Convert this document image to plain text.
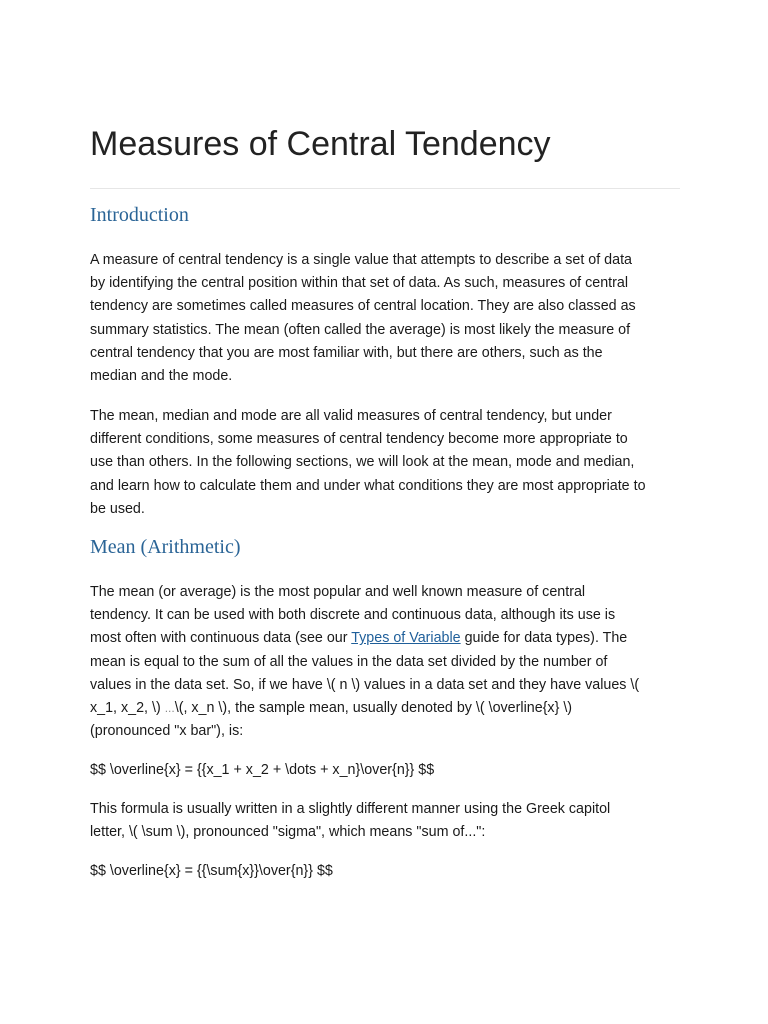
Measures of Central Tendency
Introduction

A measure of central tendency is a single value that attempts to describe a set of data
by identifying the central position within that set of data. As such, measures of central
tendency are sometimes called measures of central location. They are also classed as
summary statistics. The mean (often called the average) is most likely the measure of
central tendency that you are most familiar with, but there are others, such as the
median and the mode.

The mean, median and mode are all valid measures of central tendency, but under
different conditions, some measures of central tendency become more appropriate to
use than others. In the following sections, we will look at the mean, mode and median,
and learn how to calculate them and under what conditions they are most appropriate to
be used.

Mean (Arithmetic)

The mean (or average) is the most popular and well known measure of central
tendency. It can be used with both discrete and continuous data, although its use is
most often with continuous data (see our Types of Variable guide for data types). The
mean is equal to the sum of all the values in the data set divided by the number of
values in the data set. So, if we have \( n \) values in a data set and they have values \(
x_1, x_2, \) ...\(, x_n \), the sample mean, usually denoted by \( \overline{x} \)
(pronounced "x bar"), is:

$$ \overline{x} = {{x_1 + x_2 + \dots + x_n}\over{n}} $$

This formula is usually written in a slightly different manner using the Greek capitol
letter, \( \sum \), pronounced "sigma", which means "sum of...":

$$ \overline{x} = {{\sum{x}}\over{n}} $$
